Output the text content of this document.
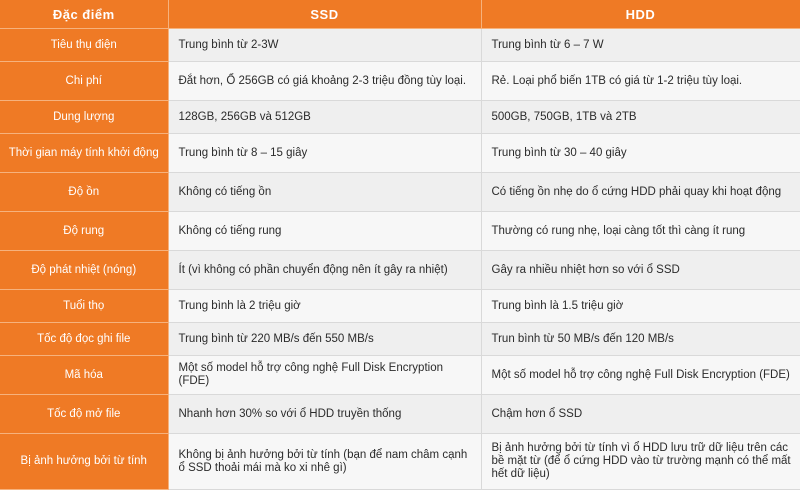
Đặc điểm	SSD	HDD
Tiêu thụ điện	Trung bình từ 2-3W	Trung bình từ 6 – 7 W
Chi phí	Đắt hơn, Ổ 256GB có giá khoảng 2-3 triệu đồng tùy loại.	Rẻ. Loại phổ biến 1TB có giá từ 1-2 triệu tùy loại.
Dung lượng	128GB, 256GB và 512GB	500GB, 750GB, 1TB và 2TB
Thời gian máy tính khởi động	Trung bình từ 8 – 15 giây	Trung bình từ 30 – 40 giây
Độ ồn	Không có tiếng ồn	Có tiếng ồn nhẹ do ổ cứng HDD phải quay khi hoạt động
Độ rung	Không có tiếng rung	Thường có rung nhẹ, loại càng tốt thì càng ít rung
Độ phát nhiệt (nóng)	Ít (vì không có phần chuyển động nên ít gây ra nhiệt)	Gây ra nhiều nhiệt hơn so với ổ SSD
Tuổi thọ	Trung bình là 2 triệu giờ	Trung bình là 1.5 triệu giờ
Tốc độ đọc ghi file	Trung bình từ 220 MB/s đến 550 MB/s	Trun bình từ 50 MB/s đến 120 MB/s
Mã hóa	Một số model hỗ trợ công nghệ Full Disk Encryption (FDE)	Một số model hỗ trợ công nghệ Full Disk Encryption (FDE)
Tốc độ mở file	Nhanh hơn 30% so với ổ HDD truyền thống	Chậm hơn ổ SSD
Bị ảnh hưởng bởi từ tính	Không bị ảnh hưởng bởi từ tính (bạn để nam châm cạnh ổ SSD thoải mái mà ko xi nhê gì)	Bị ảnh hưởng bởi từ tính vì ổ HDD lưu trữ dữ liệu trên các bề mặt từ (để ổ cứng HDD vào từ trường mạnh có thể mất hết dữ liệu)
